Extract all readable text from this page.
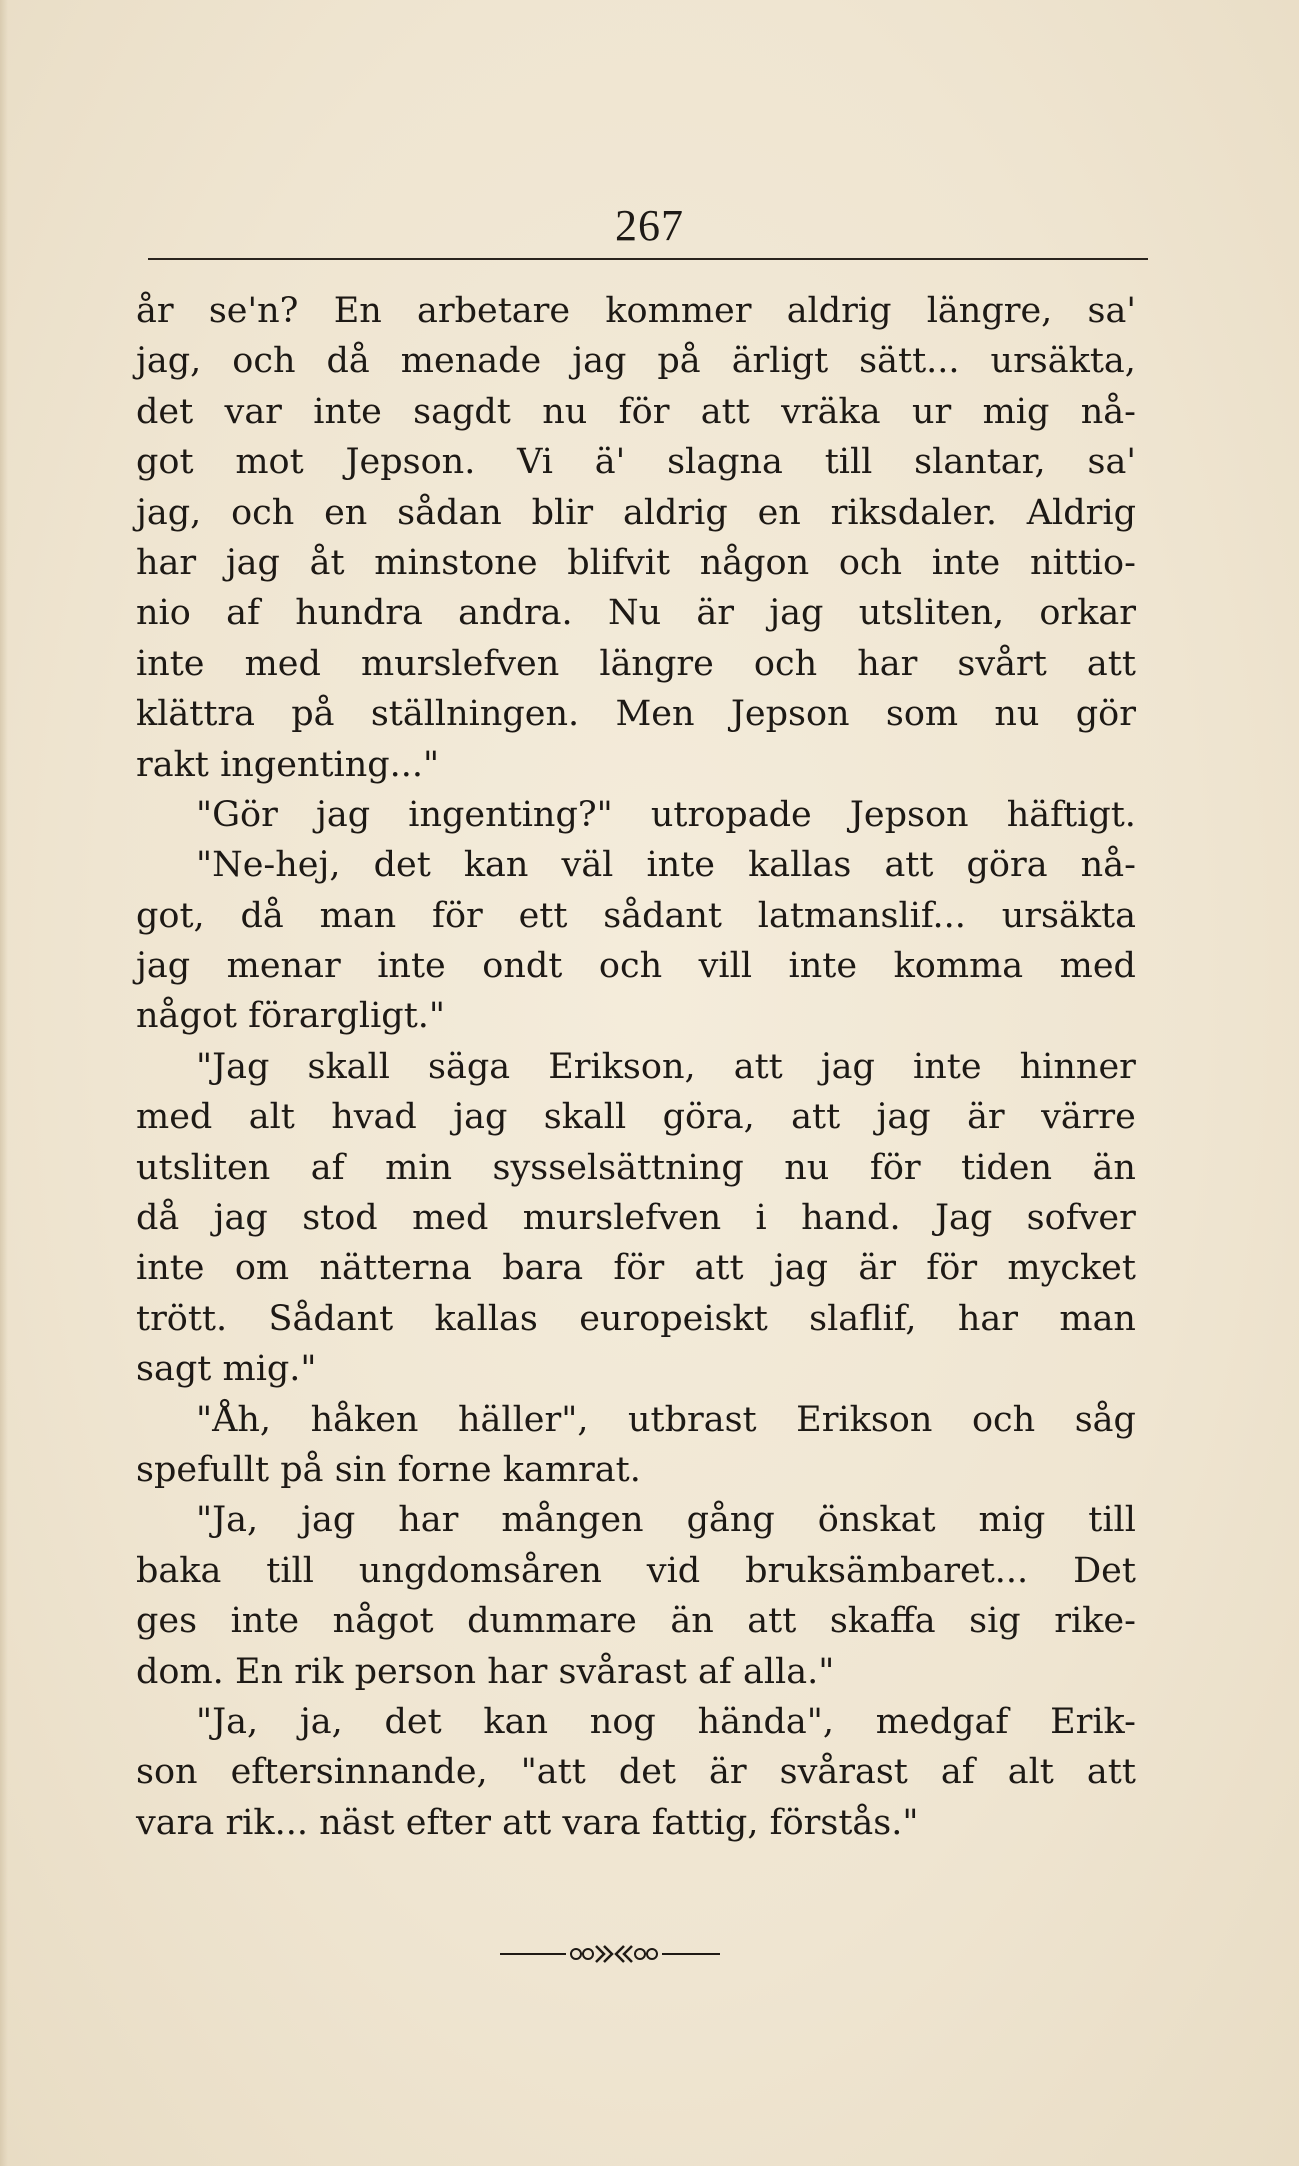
267
år se'n? En arbetare kommer aldrig längre, sa'
jag, och då menade jag på ärligt sätt... ursäkta,
det var inte sagdt nu för att vräka ur mig nå-
got mot Jepson. Vi ä' slagna till slantar, sa'
jag, och en sådan blir aldrig en riksdaler. Aldrig
har jag åt minstone blifvit någon och inte nittio-
nio af hundra andra. Nu är jag utsliten, orkar
inte med murslefven längre och har svårt att
klättra på ställningen. Men Jepson som nu gör
rakt ingenting..."
"Gör jag ingenting?" utropade Jepson häftigt.
"Ne-hej, det kan väl inte kallas att göra nå-
got, då man för ett sådant latmanslif... ursäkta
jag menar inte ondt och vill inte komma med
något förargligt."
"Jag skall säga Erikson, att jag inte hinner
med alt hvad jag skall göra, att jag är värre
utsliten af min sysselsättning nu för tiden än
då jag stod med murslefven i hand. Jag sofver
inte om nätterna bara för att jag är för mycket
trött. Sådant kallas europeiskt slaflif, har man
sagt mig."
"Åh, håken häller", utbrast Erikson och såg
spefullt på sin forne kamrat.
"Ja, jag har mången gång önskat mig till
baka till ungdomsåren vid bruksämbaret... Det
ges inte något dummare än att skaffa sig rike-
dom. En rik person har svårast af alla."
"Ja, ja, det kan nog hända", medgaf Erik-
son eftersinnande, "att det är svårast af alt att
vara rik... näst efter att vara fattig, förstås."
